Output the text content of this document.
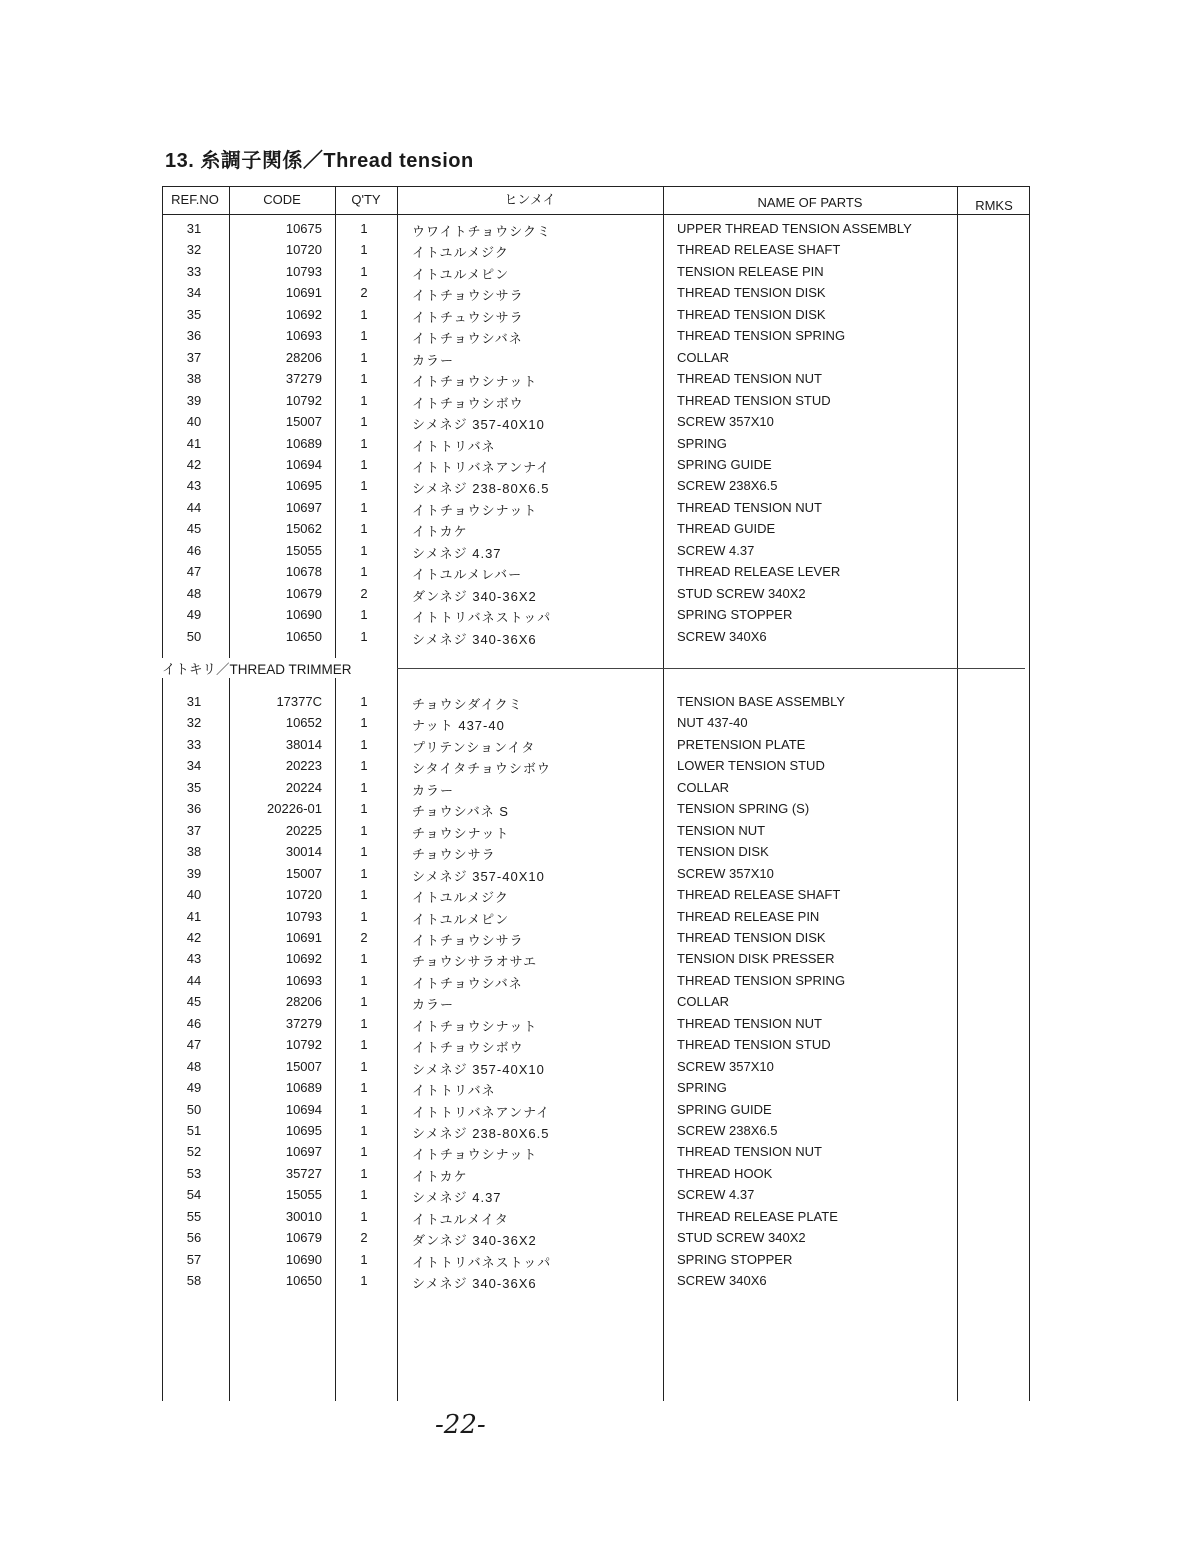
13. 糸調子関係／Thread tension
REF.NO	CODE	Q'TY	ヒンメイ	NAME OF PARTS	RMKS
イトキリ／THREAD TRIMMER
31	10675	1	ウワイトチョウシクミ	UPPER THREAD TENSION ASSEMBLY
32	10720	1	イトユルメジク	THREAD RELEASE SHAFT
33	10793	1	イトユルメピン	TENSION RELEASE PIN
34	10691	2	イトチョウシサラ	THREAD TENSION DISK
35	10692	1	イトチュウシサラ	THREAD TENSION DISK
36	10693	1	イトチョウシバネ	THREAD TENSION SPRING
37	28206	1	カラー	COLLAR
38	37279	1	イトチョウシナット	THREAD TENSION NUT
39	10792	1	イトチョウシボウ	THREAD TENSION STUD
40	15007	1	シメネジ 357-40X10	SCREW 357X10
41	10689	1	イトトリバネ	SPRING
42	10694	1	イトトリバネアンナイ	SPRING GUIDE
43	10695	1	シメネジ 238-80X6.5	SCREW 238X6.5
44	10697	1	イトチョウシナット	THREAD TENSION NUT
45	15062	1	イトカケ	THREAD GUIDE
46	15055	1	シメネジ 4.37	SCREW 4.37
47	10678	1	イトユルメレバー	THREAD RELEASE LEVER
48	10679	2	ダンネジ 340-36X2	STUD SCREW 340X2
49	10690	1	イトトリバネストッパ	SPRING STOPPER
50	10650	1	シメネジ 340-36X6	SCREW 340X6
31	17377C	1	チョウシダイクミ	TENSION BASE ASSEMBLY
32	10652	1	ナット 437-40	NUT 437-40
33	38014	1	プリテンションイタ	PRETENSION PLATE
34	20223	1	シタイタチョウシボウ	LOWER TENSION STUD
35	20224	1	カラー	COLLAR
36	20226-01	1	チョウシバネ S	TENSION SPRING (S)
37	20225	1	チョウシナット	TENSION NUT
38	30014	1	チョウシサラ	TENSION DISK
39	15007	1	シメネジ 357-40X10	SCREW 357X10
40	10720	1	イトユルメジク	THREAD RELEASE SHAFT
41	10793	1	イトユルメピン	THREAD RELEASE PIN
42	10691	2	イトチョウシサラ	THREAD TENSION DISK
43	10692	1	チョウシサラオサエ	TENSION DISK PRESSER
44	10693	1	イトチョウシバネ	THREAD TENSION SPRING
45	28206	1	カラー	COLLAR
46	37279	1	イトチョウシナット	THREAD TENSION NUT
47	10792	1	イトチョウシボウ	THREAD TENSION STUD
48	15007	1	シメネジ 357-40X10	SCREW 357X10
49	10689	1	イトトリバネ	SPRING
50	10694	1	イトトリバネアンナイ	SPRING GUIDE
51	10695	1	シメネジ 238-80X6.5	SCREW 238X6.5
52	10697	1	イトチョウシナット	THREAD TENSION NUT
53	35727	1	イトカケ	THREAD HOOK
54	15055	1	シメネジ 4.37	SCREW 4.37
55	30010	1	イトユルメイタ	THREAD RELEASE PLATE
56	10679	2	ダンネジ 340-36X2	STUD SCREW 340X2
57	10690	1	イトトリバネストッパ	SPRING STOPPER
58	10650	1	シメネジ 340-36X6	SCREW 340X6
-22-
